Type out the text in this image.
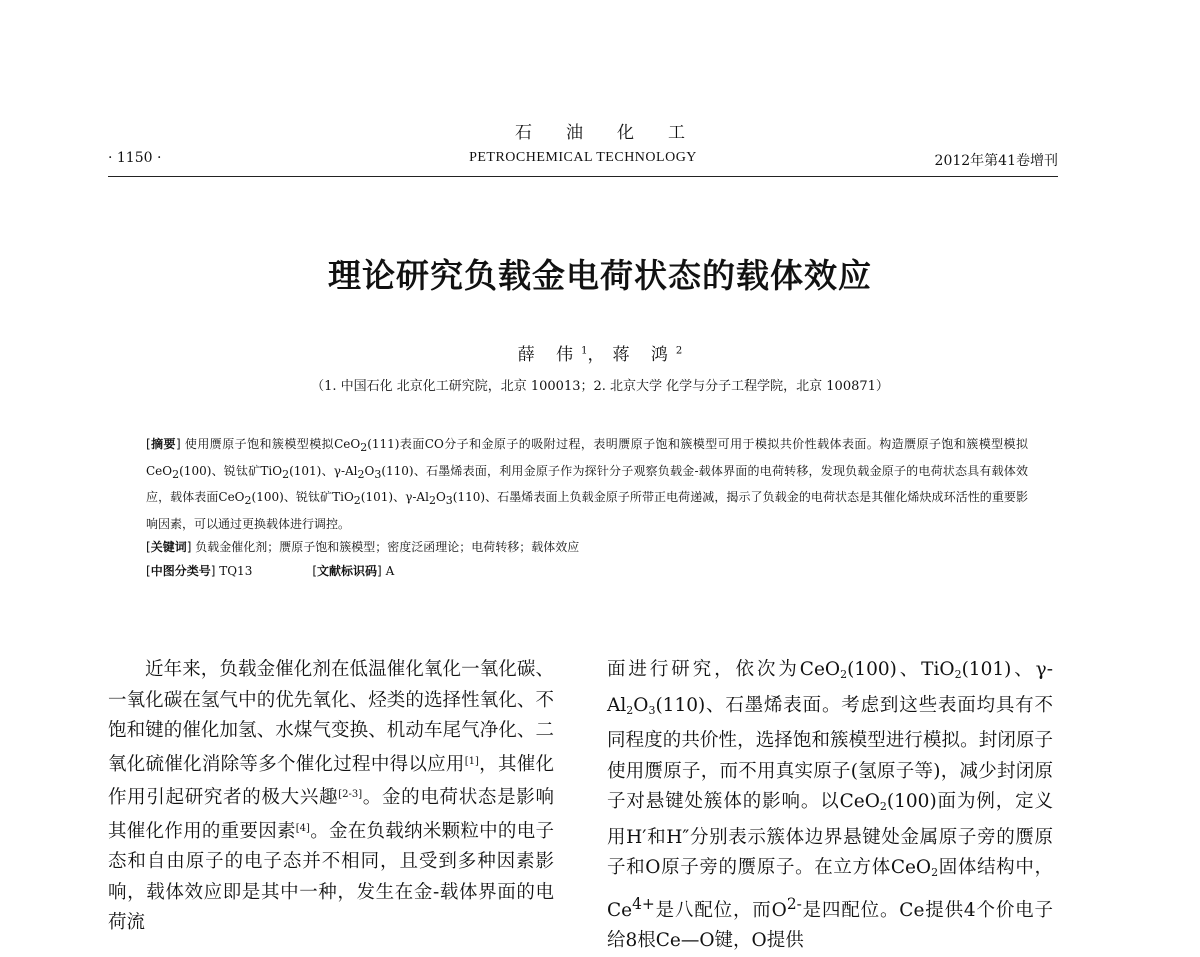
石油化工
· 1150 ·	PETROCHEMICAL TECHNOLOGY	2012年第41卷增刊
理论研究负载金电荷状态的载体效应
薛 伟$^1$，蒋 鸿$^2$
（1. 中国石化 北京化工研究院，北京 100013；2. 北京大学 化学与分子工程学院，北京 100871）

[摘要] 使用赝原子饱和簇模型模拟CeO$_2$(111)表面CO分子和金原子的吸附过程，表明赝原子饱和簇模型可用于模拟共价性载体表面。构造赝原子饱和簇模型模拟CeO$_2$(100)、锐钛矿TiO$_2$(101)、$\gamma-Al_2O_3(110)$、石墨烯表面，利用金原子作为探针分子观察负载金-载体界面的电荷转移，发现负载金原子的电荷状态具有载体效应，载体表面CeO$_2$(100)、锐钛矿TiO$_2$(101)、$\gamma-Al_2O_3(110)$、石墨烯表面上负载金原子所带正电荷递减，揭示了负载金的电荷状态是其催化烯炔成环活性的重要影响因素，可以通过更换载体进行调控。

[关键词] 负载金催化剂；赝原子饱和簇模型；密度泛函理论；电荷转移；载体效应

[中图分类号] TQ13	[文献标识码] A

近年来，负载金催化剂在低温催化氧化一氧化碳、一氧化碳在氢气中的优先氧化、烃类的选择性氧化、不饱和键的催化加氢、水煤气变换、机动车尾气净化、二氧化硫催化消除等多个催化过程中得以应用[1]，其催化作用引起研究者的极大兴趣[2-3]。金的电荷状态是影响其催化作用的重要因素[4]。金在负载纳米颗粒中的电子态和自由原子的电子态并不相同，且受到多种因素影响，载体效应即是其中一种，发生在金-载体界面的电荷流

面进行研究，依次为CeO$_2$(100)、TiO$_2$(101)、$\gamma-Al_2O_3(110)$、石墨烯表面。考虑到这些表面均具有不同程度的共价性，选择饱和簇模型进行模拟。封闭原子使用赝原子，而不用真实原子(氢原子等)，减少封闭原子对悬键处簇体的影响。以CeO$_2$(100)面为例，定义用H′和H″分别表示簇体边界悬键处金属原子旁的赝原子和O原子旁的赝原子。在立方体CeO$_2$固体结构中，$Ce^{4+}$是八配位，而$O^{2-}$是四配位。Ce提供4个价电子给8根Ce—O键，O提供
